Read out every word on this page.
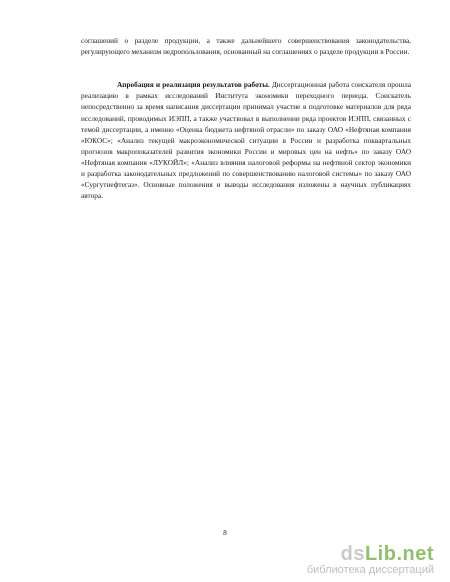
соглашений о разделе продукции, а также дальнейшего совершенствования законодательства, регулирующего механизм недропользования, основанный на соглашениях о разделе продукции в России.

Апробация и реализация результатов работы. Диссертационная работа соискателя прошла реализацию в рамках исследований Института экономики переходного периода. Соискатель непосредственно за время написания диссертации принимал участие в подготовке материалов для ряда исследований, проводимых ИЭПП, а также участвовал в выполнении ряда проектов ИЭПП, связанных с темой диссертации, а именно «Оценка бюджета нефтяной отрасли» по заказу ОАО «Нефтяная компания «ЮКОС»; «Анализ текущей макроэкономической ситуации в России и разработка поквартальных прогнозов макропоказателей развития экономики России и мировых цен на нефть» по заказу ОАО «Нефтяная компания «ЛУКОЙЛ»; «Анализ влияния налоговой реформы на нефтяной сектор экономики и разработка законодательных предложений по совершенствованию налоговой системы» по заказу ОАО «Сургутнефтегаз». Основные положения и выводы исследования изложены в научных публикациях автора.

8
dsLib.net
библиотека диссертаций
